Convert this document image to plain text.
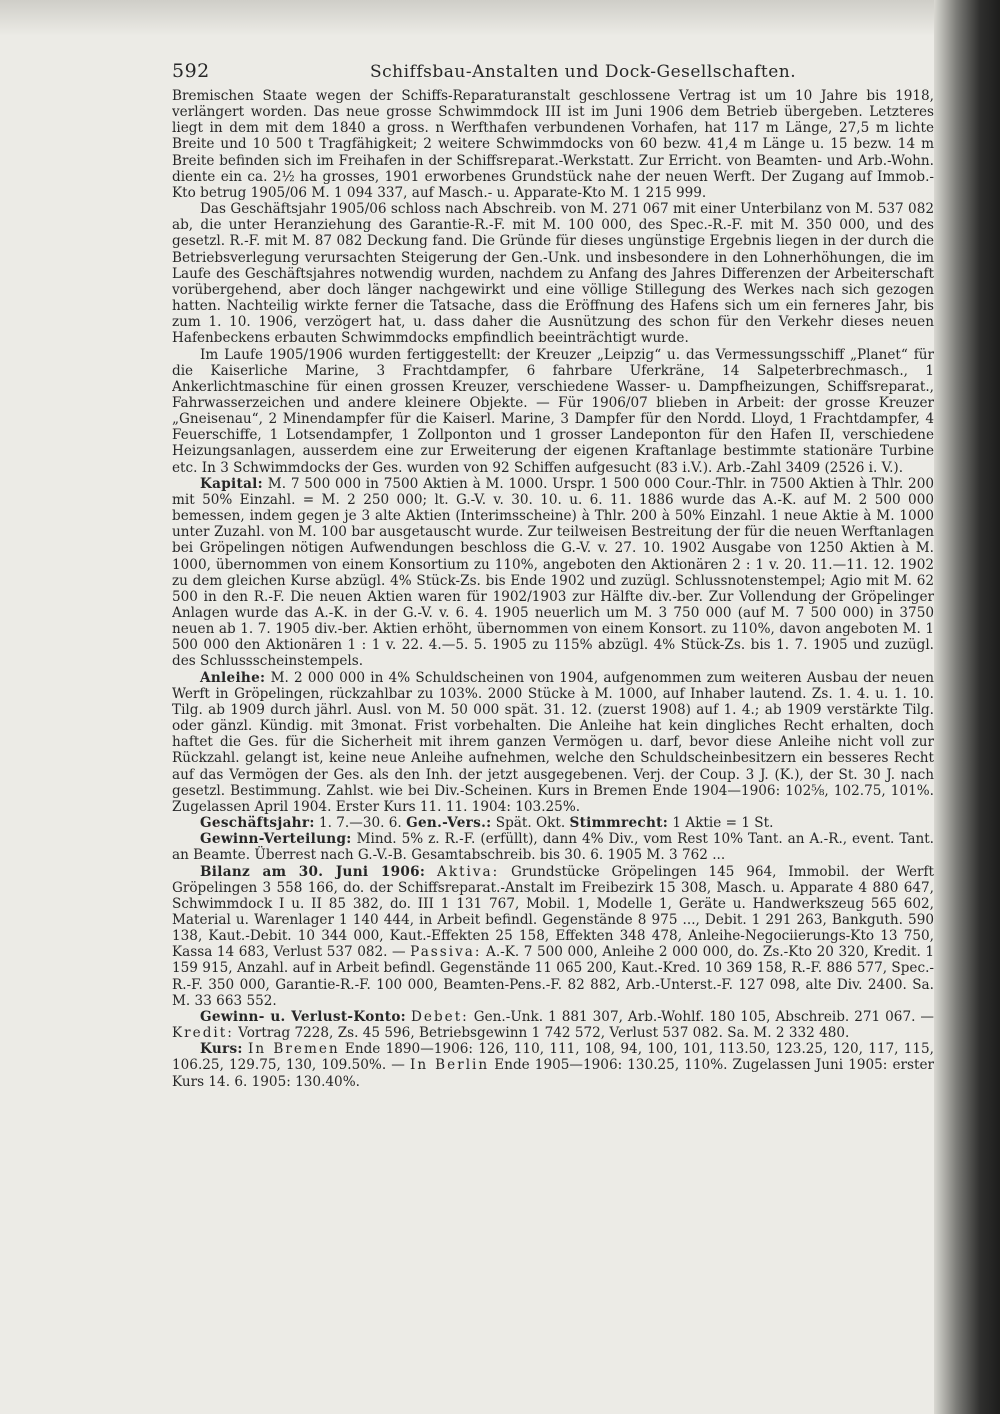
592	Schiffsbau-Anstalten und Dock-Gesellschaften.

Bremischen Staate wegen der Schiffs-Reparaturanstalt geschlossene Vertrag ist um 10 Jahre bis 1918, verlängert worden. Das neue grosse Schwimmdock III ist im Juni 1906 dem Betrieb übergeben. Letzteres liegt in dem mit dem 1840 a gross. n Werfthafen verbundenen Vorhafen, hat 117 m Länge, 27,5 m lichte Breite und 10 500 t Tragfähigkeit; 2 weitere Schwimmdocks von 60 bezw. 41,4 m Länge u. 15 bezw. 14 m Breite befinden sich im Freihafen in der Schiffsreparat.-Werkstatt. Zur Erricht. von Beamten- und Arb.-Wohn. diente ein ca. 2½ ha grosses, 1901 erworbenes Grundstück nahe der neuen Werft. Der Zugang auf Immob.-Kto betrug 1905/06 M. 1 094 337, auf Masch.- u. Apparate-Kto M. 1 215 999.

Das Geschäftsjahr 1905/06 schloss nach Abschreib. von M. 271 067 mit einer Unterbilanz von M. 537 082 ab, die unter Heranziehung des Garantie-R.-F. mit M. 100 000, des Spec.-R.-F. mit M. 350 000, und des gesetzl. R.-F. mit M. 87 082 Deckung fand. Die Gründe für dieses ungünstige Ergebnis liegen in der durch die Betriebsverlegung verursachten Steigerung der Gen.-Unk. und insbesondere in den Lohnerhöhungen, die im Laufe des Geschäftsjahres notwendig wurden, nachdem zu Anfang des Jahres Differenzen der Arbeiterschaft vorübergehend, aber doch länger nachgewirkt und eine völlige Stillegung des Werkes nach sich gezogen hatten. Nachteilig wirkte ferner die Tatsache, dass die Eröffnung des Hafens sich um ein ferneres Jahr, bis zum 1. 10. 1906, verzögert hat, u. dass daher die Ausnützung des schon für den Verkehr dieses neuen Hafenbeckens erbauten Schwimmdocks empfindlich beeinträchtigt wurde.

Im Laufe 1905/1906 wurden fertiggestellt: der Kreuzer „Leipzig“ u. das Vermessungsschiff „Planet“ für die Kaiserliche Marine, 3 Frachtdampfer, 6 fahrbare Uferkräne, 14 Salpeterbrechmasch., 1 Ankerlichtmaschine für einen grossen Kreuzer, verschiedene Wasser- u. Dampfheizungen, Schiffsreparat., Fahrwasserzeichen und andere kleinere Objekte. — Für 1906/07 blieben in Arbeit: der grosse Kreuzer „Gneisenau“, 2 Minendampfer für die Kaiserl. Marine, 3 Dampfer für den Nordd. Lloyd, 1 Frachtdampfer, 4 Feuerschiffe, 1 Lotsendampfer, 1 Zollponton und 1 grosser Landeponton für den Hafen II, verschiedene Heizungsanlagen, ausserdem eine zur Erweiterung der eigenen Kraftanlage bestimmte stationäre Turbine etc. In 3 Schwimmdocks der Ges. wurden von 92 Schiffen aufgesucht (83 i.V.). Arb.-Zahl 3409 (2526 i. V.).

Kapital: M. 7 500 000 in 7500 Aktien à M. 1000. Urspr. 1 500 000 Cour.-Thlr. in 7500 Aktien à Thlr. 200 mit 50% Einzahl. = M. 2 250 000; lt. G.-V. v. 30. 10. u. 6. 11. 1886 wurde das A.-K. auf M. 2 500 000 bemessen, indem gegen je 3 alte Aktien (Interimsscheine) à Thlr. 200 à 50% Einzahl. 1 neue Aktie à M. 1000 unter Zuzahl. von M. 100 bar ausgetauscht wurde. Zur teilweisen Bestreitung der für die neuen Werftanlagen bei Gröpelingen nötigen Aufwendungen beschloss die G.-V. v. 27. 10. 1902 Ausgabe von 1250 Aktien à M. 1000, übernommen von einem Konsortium zu 110%, angeboten den Aktionären 2 : 1 v. 20. 11.—11. 12. 1902 zu dem gleichen Kurse abzügl. 4% Stück-Zs. bis Ende 1902 und zuzügl. Schlussnotenstempel; Agio mit M. 62 500 in den R.-F. Die neuen Aktien waren für 1902/1903 zur Hälfte div.-ber. Zur Vollendung der Gröpelinger Anlagen wurde das A.-K. in der G.-V. v. 6. 4. 1905 neuerlich um M. 3 750 000 (auf M. 7 500 000) in 3750 neuen ab 1. 7. 1905 div.-ber. Aktien erhöht, übernommen von einem Konsort. zu 110%, davon angeboten M. 1 500 000 den Aktionären 1 : 1 v. 22. 4.—5. 5. 1905 zu 115% abzügl. 4% Stück-Zs. bis 1. 7. 1905 und zuzügl. des Schlussscheinstempels.

Anleihe: M. 2 000 000 in 4% Schuldscheinen von 1904, aufgenommen zum weiteren Ausbau der neuen Werft in Gröpelingen, rückzahlbar zu 103%. 2000 Stücke à M. 1000, auf Inhaber lautend. Zs. 1. 4. u. 1. 10. Tilg. ab 1909 durch jährl. Ausl. von M. 50 000 spät. 31. 12. (zuerst 1908) auf 1. 4.; ab 1909 verstärkte Tilg. oder gänzl. Kündig. mit 3monat. Frist vorbehalten. Die Anleihe hat kein dingliches Recht erhalten, doch haftet die Ges. für die Sicherheit mit ihrem ganzen Vermögen u. darf, bevor diese Anleihe nicht voll zur Rückzahl. gelangt ist, keine neue Anleihe aufnehmen, welche den Schuldscheinbesitzern ein besseres Recht auf das Vermögen der Ges. als den Inh. der jetzt ausgegebenen. Verj. der Coup. 3 J. (K.), der St. 30 J. nach gesetzl. Bestimmung. Zahlst. wie bei Div.-Scheinen. Kurs in Bremen Ende 1904—1906: 102⅝, 102.75, 101%. Zugelassen April 1904. Erster Kurs 11. 11. 1904: 103.25%.

Geschäftsjahr: 1. 7.—30. 6. Gen.-Vers.: Spät. Okt. Stimmrecht: 1 Aktie = 1 St.

Gewinn-Verteilung: Mind. 5% z. R.-F. (erfüllt), dann 4% Div., vom Rest 10% Tant. an A.-R., event. Tant. an Beamte. Überrest nach G.-V.-B. Gesamtabschreib. bis 30. 6. 1905 M. 3 762 ...

Bilanz am 30. Juni 1906: Aktiva: Grundstücke Gröpelingen 145 964, Immobil. der Werft Gröpelingen 3 558 166, do. der Schiffsreparat.-Anstalt im Freibezirk 15 308, Masch. u. Apparate 4 880 647, Schwimmdock I u. II 85 382, do. III 1 131 767, Mobil. 1, Modelle 1, Geräte u. Handwerkszeug 565 602, Material u. Warenlager 1 140 444, in Arbeit befindl. Gegenstände 8 975 ..., Debit. 1 291 263, Bankguth. 590 138, Kaut.-Debit. 10 344 000, Kaut.-Effekten 25 158, Effekten 348 478, Anleihe-Negociierungs-Kto 13 750, Kassa 14 683, Verlust 537 082. — Passiva: A.-K. 7 500 000, Anleihe 2 000 000, do. Zs.-Kto 20 320, Kredit. 1 159 915, Anzahl. auf in Arbeit befindl. Gegenstände 11 065 200, Kaut.-Kred. 10 369 158, R.-F. 886 577, Spec.-R.-F. 350 000, Garantie-R.-F. 100 000, Beamten-Pens.-F. 82 882, Arb.-Unterst.-F. 127 098, alte Div. 2400. Sa. M. 33 663 552.

Gewinn- u. Verlust-Konto: Debet: Gen.-Unk. 1 881 307, Arb.-Wohlf. 180 105, Abschreib. 271 067. — Kredit: Vortrag 7228, Zs. 45 596, Betriebsgewinn 1 742 572, Verlust 537 082. Sa. M. 2 332 480.

Kurs: In Bremen Ende 1890—1906: 126, 110, 111, 108, 94, 100, 101, 113.50, 123.25, 120, 117, 115, 106.25, 129.75, 130, 109.50%. — In Berlin Ende 1905—1906: 130.25, 110%. Zugelassen Juni 1905: erster Kurs 14. 6. 1905: 130.40%.
